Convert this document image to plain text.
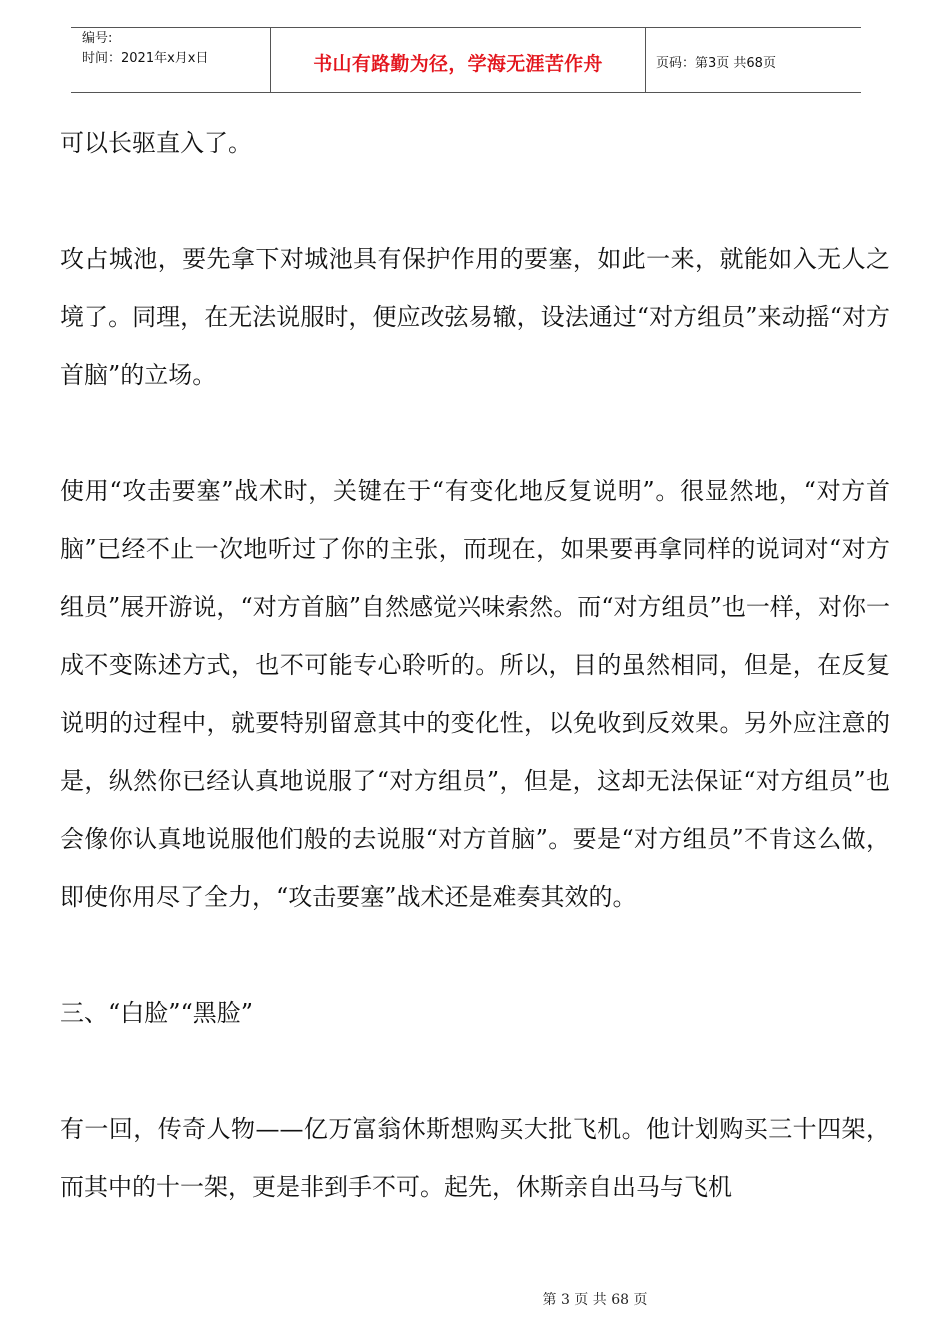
编号:
时间：2021年x月x日	书山有路勤为径，学海无涯苦作舟	页码：第3页 共68页

可以长驱直入了。

攻占城池，要先拿下对城池具有保护作用的要塞，如此一来，就能如入无人之境了。同理，在无法说服时，便应改弦易辙，设法通过“对方组员”来动摇“对方首脑”的立场。

使用“攻击要塞”战术时，关键在于“有变化地反复说明”。很显然地，“对方首脑”已经不止一次地听过了你的主张，而现在，如果要再拿同样的说词对“对方组员”展开游说，“对方首脑”自然感觉兴味索然。而“对方组员”也一样，对你一成不变陈述方式，也不可能专心聆听的。所以，目的虽然相同，但是，在反复说明的过程中，就要特别留意其中的变化性，以免收到反效果。另外应注意的是，纵然你已经认真地说服了“对方组员”，但是，这却无法保证“对方组员”也会像你认真地说服他们般的去说服“对方首脑”。要是“对方组员”不肯这么做，即使你用尽了全力，“攻击要塞”战术还是难奏其效的。

三、“白脸”“黑脸”

有一回，传奇人物——亿万富翁休斯想购买大批飞机。他计划购买三十四架，而其中的十一架，更是非到手不可。起先，休斯亲自出马与飞机

第 3 页 共 68 页
